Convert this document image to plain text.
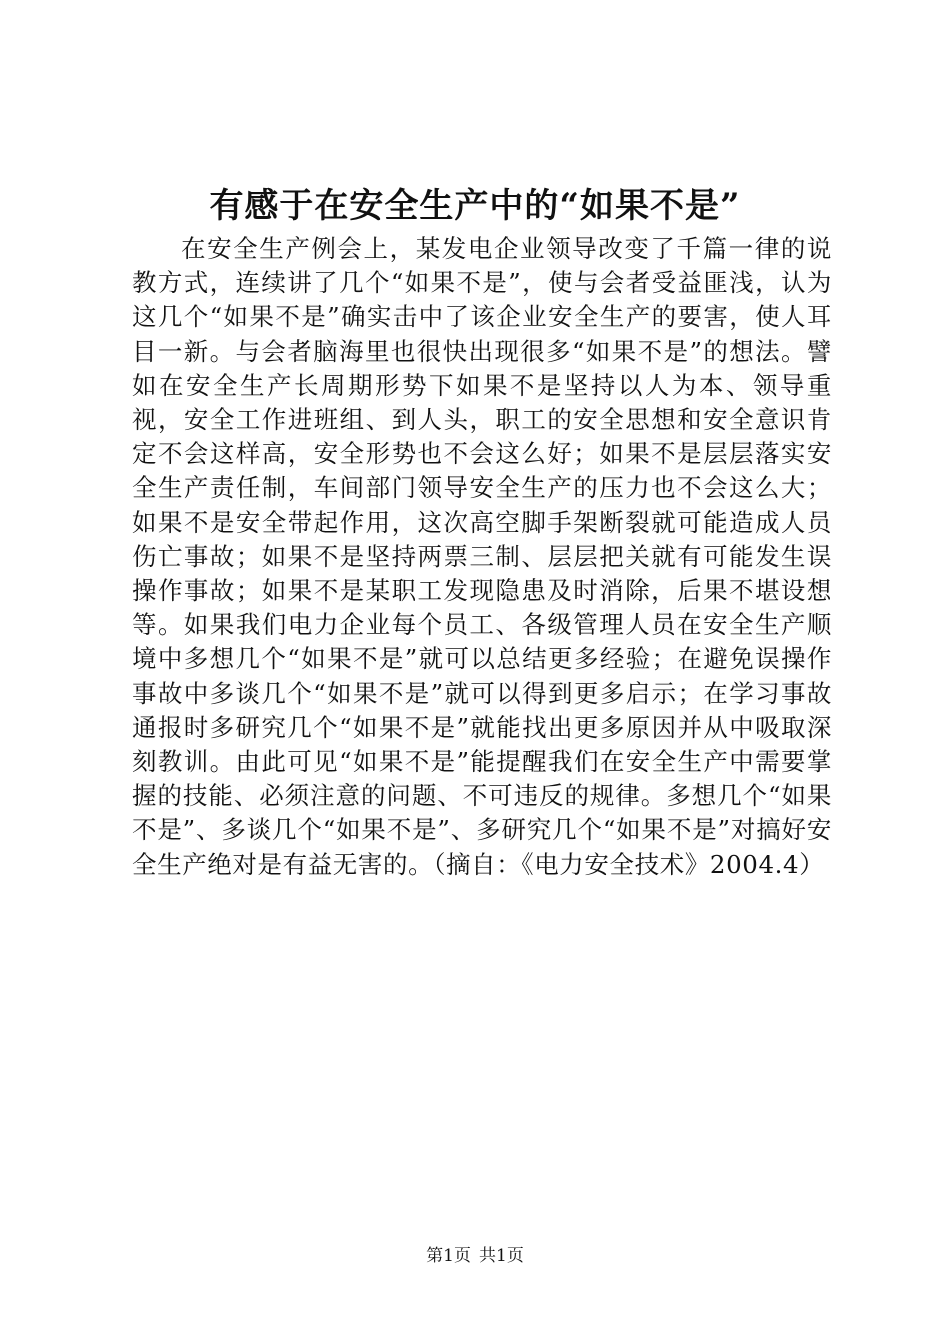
有感于在安全生产中的“如果不是”

在安全生产例会上，某发电企业领导改变了千篇一律的说教方式，连续讲了几个“如果不是”，使与会者受益匪浅，认为这几个“如果不是”确实击中了该企业安全生产的要害，使人耳目一新。与会者脑海里也很快出现很多“如果不是”的想法。譬如在安全生产长周期形势下如果不是坚持以人为本、领导重视，安全工作进班组、到人头，职工的安全思想和安全意识肯定不会这样高，安全形势也不会这么好；如果不是层层落实安全生产责任制，车间部门领导安全生产的压力也不会这么大；如果不是安全带起作用，这次高空脚手架断裂就可能造成人员伤亡事故；如果不是坚持两票三制、层层把关就有可能发生误操作事故；如果不是某职工发现隐患及时消除，后果不堪设想等。如果我们电力企业每个员工、各级管理人员在安全生产顺境中多想几个“如果不是”就可以总结更多经验；在避免误操作事故中多谈几个“如果不是”就可以得到更多启示；在学习事故通报时多研究几个“如果不是”就能找出更多原因并从中吸取深刻教训。由此可见“如果不是”能提醒我们在安全生产中需要掌握的技能、必须注意的问题、不可违反的规律。多想几个“如果不是”、多谈几个“如果不是”、多研究几个“如果不是”对搞好安全生产绝对是有益无害的。（摘自：《电力安全技术》2004.4）

第1页 共1页
